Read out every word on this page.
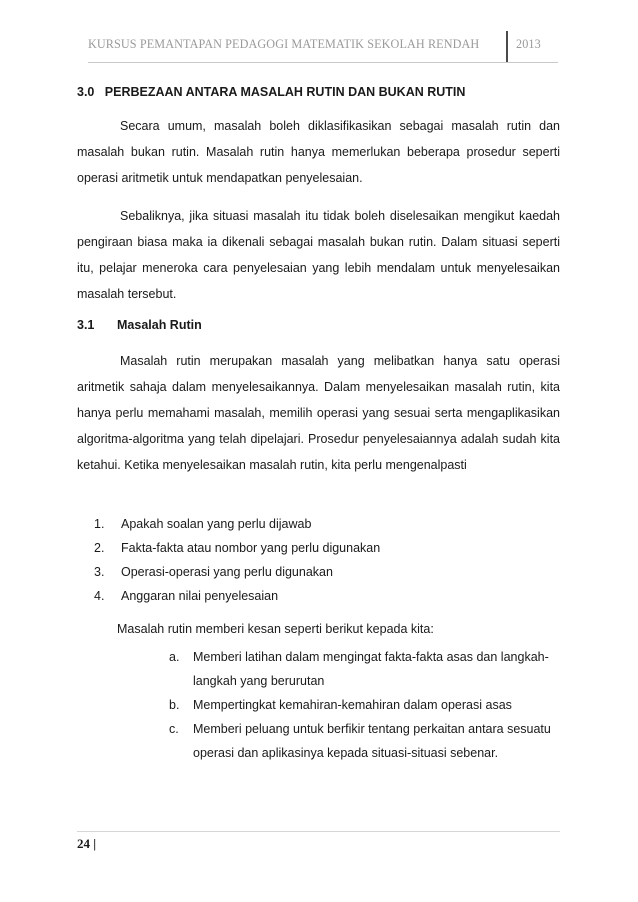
KURSUS PEMANTAPAN PEDAGOGI MATEMATIK SEKOLAH RENDAH	2013
3.0   PERBEZAAN ANTARA MASALAH RUTIN DAN BUKAN RUTIN
Secara umum, masalah boleh diklasifikasikan sebagai masalah rutin dan masalah bukan rutin. Masalah rutin hanya memerlukan beberapa prosedur seperti operasi aritmetik untuk mendapatkan penyelesaian.
Sebaliknya, jika situasi masalah itu tidak boleh diselesaikan mengikut kaedah pengiraan biasa maka ia dikenali sebagai masalah bukan rutin. Dalam situasi seperti itu, pelajar meneroka cara penyelesaian yang lebih mendalam untuk menyelesaikan masalah tersebut.
3.1 Masalah Rutin
Masalah rutin merupakan masalah yang melibatkan hanya satu operasi aritmetik sahaja dalam menyelesaikannya. Dalam menyelesaikan masalah rutin, kita hanya perlu memahami masalah, memilih operasi yang sesuai serta mengaplikasikan algoritma-algoritma yang telah dipelajari. Prosedur penyelesaiannya adalah sudah kita ketahui. Ketika menyelesaikan masalah rutin, kita perlu mengenalpasti
1. Apakah soalan yang perlu dijawab
2. Fakta-fakta atau nombor yang perlu digunakan
3. Operasi-operasi yang perlu digunakan
4. Anggaran nilai penyelesaian
Masalah rutin memberi kesan seperti berikut kepada kita:
a. Memberi latihan dalam mengingat fakta-fakta asas dan langkah-langkah yang berurutan
b. Mempertingkat kemahiran-kemahiran dalam operasi asas
c. Memberi peluang untuk berfikir tentang perkaitan antara sesuatu operasi dan aplikasinya kepada situasi-situasi sebenar.
24 |
